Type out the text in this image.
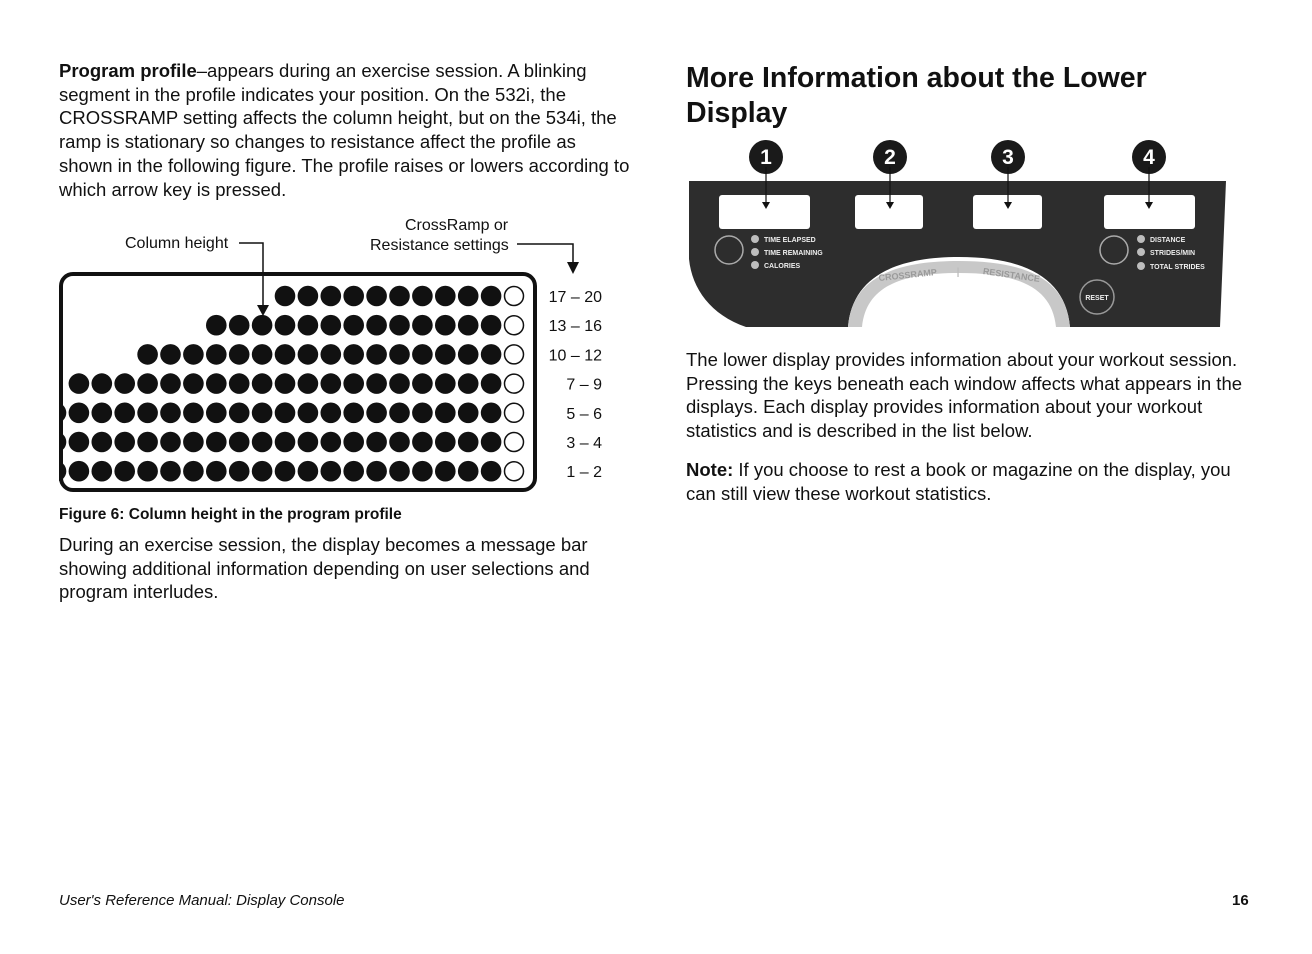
Program profile–appears during an exercise session. A blinking segment in the profile indicates your position. On the 532i, the CROSSRAMP setting affects the column height, but on the 534i, the ramp is stationary so changes to resistance affect the profile as shown in the following figure. The profile raises or lowers according to which arrow key is pressed.

Column height
CrossRamp or
Resistance settings
17 – 20
13 – 16
10 – 12
7 – 9
5 – 6
3 – 4
1 – 2

Figure 6: Column height in the program profile

During an exercise session, the display becomes a message bar showing additional information depending on user selections and program interludes.

More Information about the Lower Display
1	2	3	4
TIME ELAPSED
TIME REMAINING
CALORIES
DISTANCE
STRIDES/MIN
TOTAL STRIDES
CROSSRAMP |	RESISTANCE
RESET

The lower display provides information about your workout session. Pressing the keys beneath each window affects what appears in the displays. Each display provides information about your workout statistics and is described in the list below.

Note: If you choose to rest a book or magazine on the display, you can still view these workout statistics.

User's Reference Manual: Display Console	16
